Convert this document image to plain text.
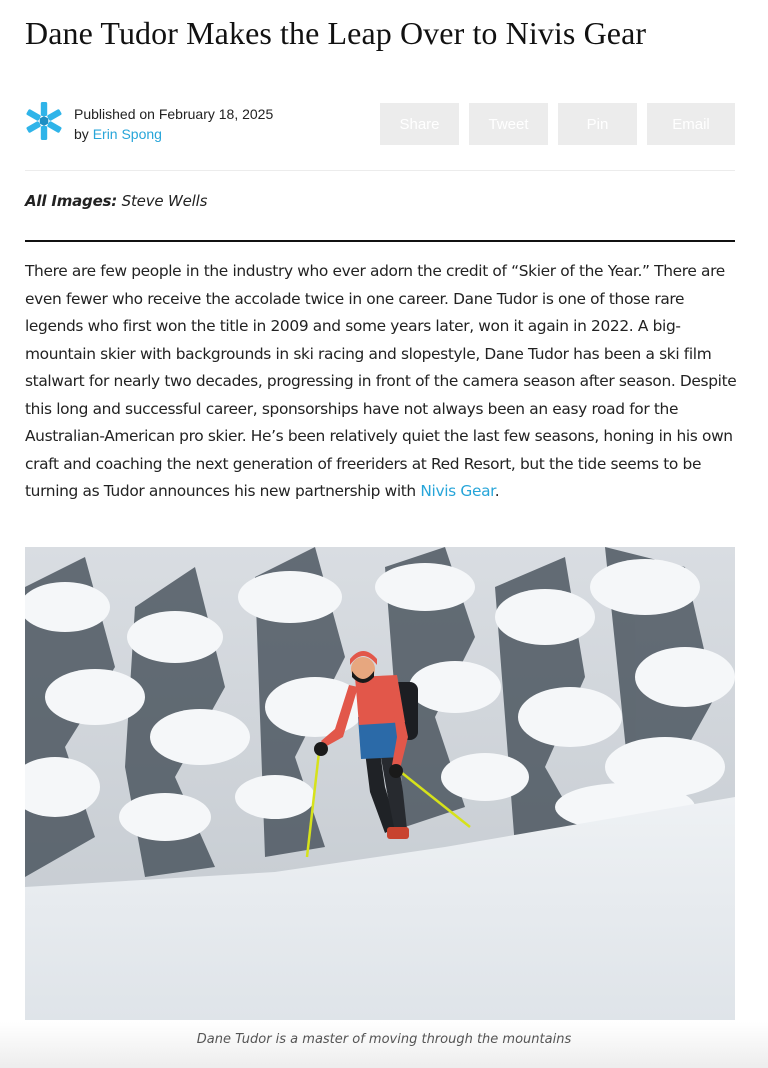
Dane Tudor Makes the Leap Over to Nivis Gear
Published on February 18, 2025
by Erin Spong
Share	Tweet	Pin	Email
All Images: Steve Wells

There are few people in the industry who ever adorn the credit of “Skier of the Year.” There are even fewer who receive the accolade twice in one career. Dane Tudor is one of those rare legends who first won the title in 2009 and some years later, won it again in 2022. A big-mountain skier with backgrounds in ski racing and slopestyle, Dane Tudor has been a ski film stalwart for nearly two decades, progressing in front of the camera season after season. Despite this long and successful career, sponsorships have not always been an easy road for the Australian-American pro skier. He’s been relatively quiet the last few seasons, honing in his own craft and coaching the next generation of freeriders at Red Resort, but the tide seems to be turning as Tudor announces his new partnership with Nivis Gear.

Dane Tudor is a master of moving through the mountains
